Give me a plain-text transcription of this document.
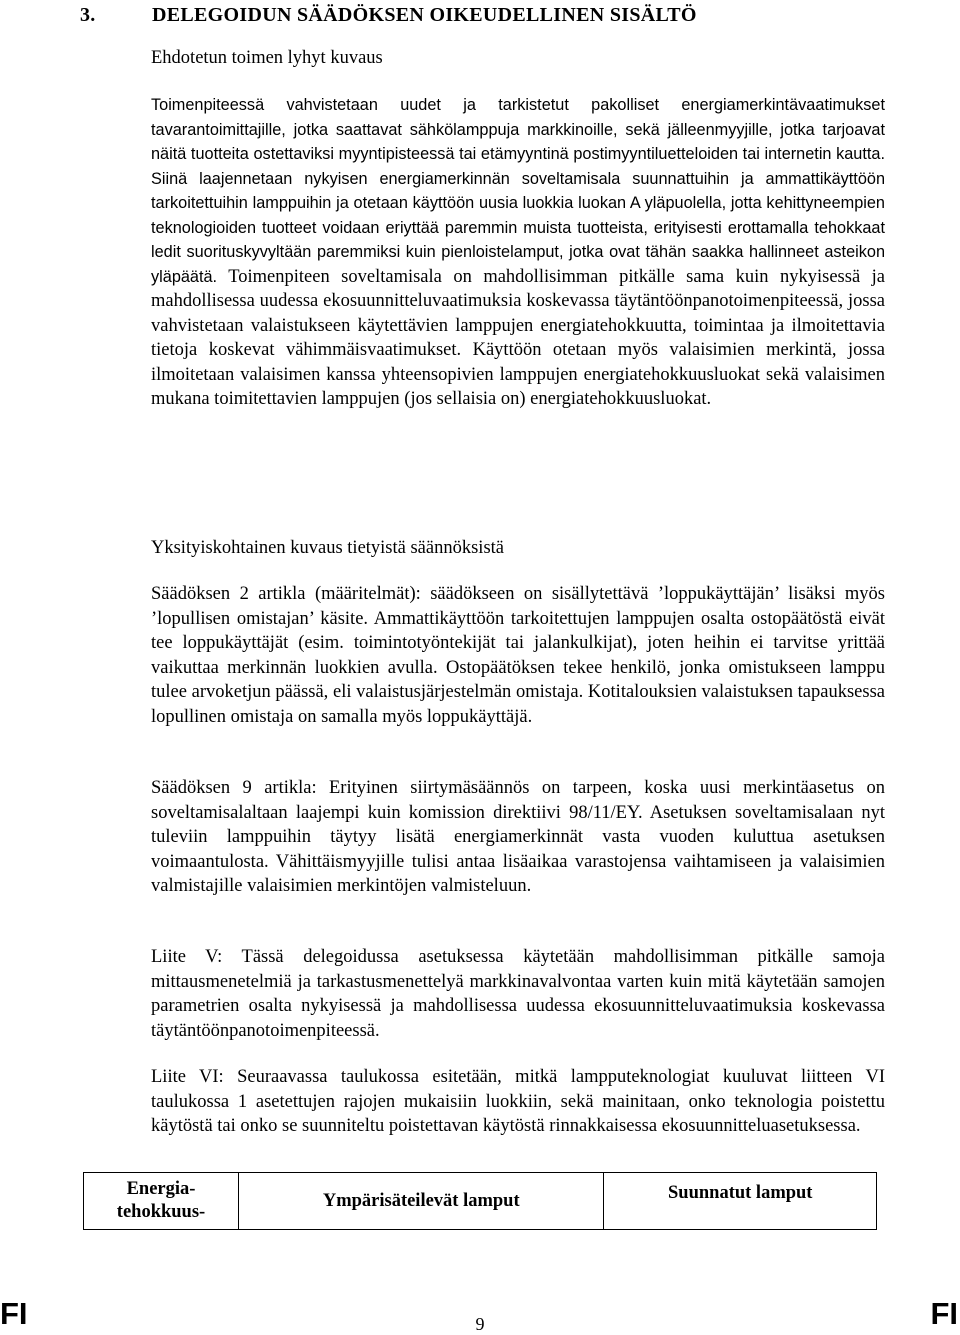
3.	DELEGOIDUN SÄÄDÖKSEN OIKEUDELLINEN SISÄLTÖ
Ehdotetun toimen lyhyt kuvaus
Toimenpiteessä vahvistetaan uudet ja tarkistetut pakolliset energiamerkintävaatimukset tavarantoimittajille, jotka saattavat sähkölamppuja markkinoille, sekä jälleenmyyjille, jotka tarjoavat näitä tuotteita ostettaviksi myyntipisteessä tai etämyyntinä postimyyntiluetteloiden tai internetin kautta. Siinä laajennetaan nykyisen energiamerkinnän soveltamisala suunnattuihin ja ammattikäyttöön tarkoitettuihin lamppuihin ja otetaan käyttöön uusia luokkia luokan A yläpuolella, jotta kehittyneempien teknologioiden tuotteet voidaan eriyttää paremmin muista tuotteista, erityisesti erottamalla tehokkaat ledit suorituskyvyltään paremmiksi kuin pienloistelamput, jotka ovat tähän saakka hallinneet asteikon yläpäätä. Toimenpiteen soveltamisala on mahdollisimman pitkälle sama kuin nykyisessä ja mahdollisessa uudessa ekosuunnitteluvaatimuksia koskevassa täytäntöönpanotoimenpiteessä, jossa vahvistetaan valaistukseen käytettävien lamppujen energiatehokkuutta, toimintaa ja ilmoitettavia tietoja koskevat vähimmäisvaatimukset. Käyttöön otetaan myös valaisimien merkintä, jossa ilmoitetaan valaisimen kanssa yhteensopivien lamppujen energiatehokkuusluokat sekä valaisimen mukana toimitettavien lamppujen (jos sellaisia on) energiatehokkuusluokat.
Yksityiskohtainen kuvaus tietyistä säännöksistä
Säädöksen 2 artikla (määritelmät): säädökseen on sisällytettävä ’loppukäyttäjän’ lisäksi myös ’lopullisen omistajan’ käsite. Ammattikäyttöön tarkoitettujen lamppujen osalta ostopäätöstä eivät tee loppukäyttäjät (esim. toimintotyöntekijät tai jalankulkijat), joten heihin ei tarvitse yrittää vaikuttaa merkinnän luokkien avulla. Ostopäätöksen tekee henkilö, jonka omistukseen lamppu tulee arvoketjun päässä, eli valaistusjärjestelmän omistaja. Kotitalouksien valaistuksen tapauksessa lopullinen omistaja on samalla myös loppukäyttäjä.
Säädöksen 9 artikla: Erityinen siirtymäsäännös on tarpeen, koska uusi merkintäasetus on soveltamisalaltaan laajempi kuin komission direktiivi 98/11/EY. Asetuksen soveltamisalaan nyt tuleviin lamppuihin täytyy lisätä energiamerkinnät vasta vuoden kuluttua asetuksen voimaantulosta. Vähittäismyyjille tulisi antaa lisäaikaa varastojensa vaihtamiseen ja valaisimien valmistajille valaisimien merkintöjen valmisteluun.
Liite V: Tässä delegoidussa asetuksessa käytetään mahdollisimman pitkälle samoja mittausmenetelmiä ja tarkastusmenettelyä markkinavalvontaa varten kuin mitä käytetään samojen parametrien osalta nykyisessä ja mahdollisessa uudessa ekosuunnitteluvaatimuksia koskevassa täytäntöönpanotoimenpiteessä.
Liite VI: Seuraavassa taulukossa esitetään, mitkä lampputeknologiat kuuluvat liitteen VI taulukossa 1 asetettujen rajojen mukaisiin luokkiin, sekä mainitaan, onko teknologia poistettu käytöstä tai onko se suunniteltu poistettavan käytöstä rinnakkaisessa ekosuunnitteluasetuksessa.
Energia-
tehokkuus-
	Ympärisäteilevät lamput	Suunnatut lamput
FI	9	FI
